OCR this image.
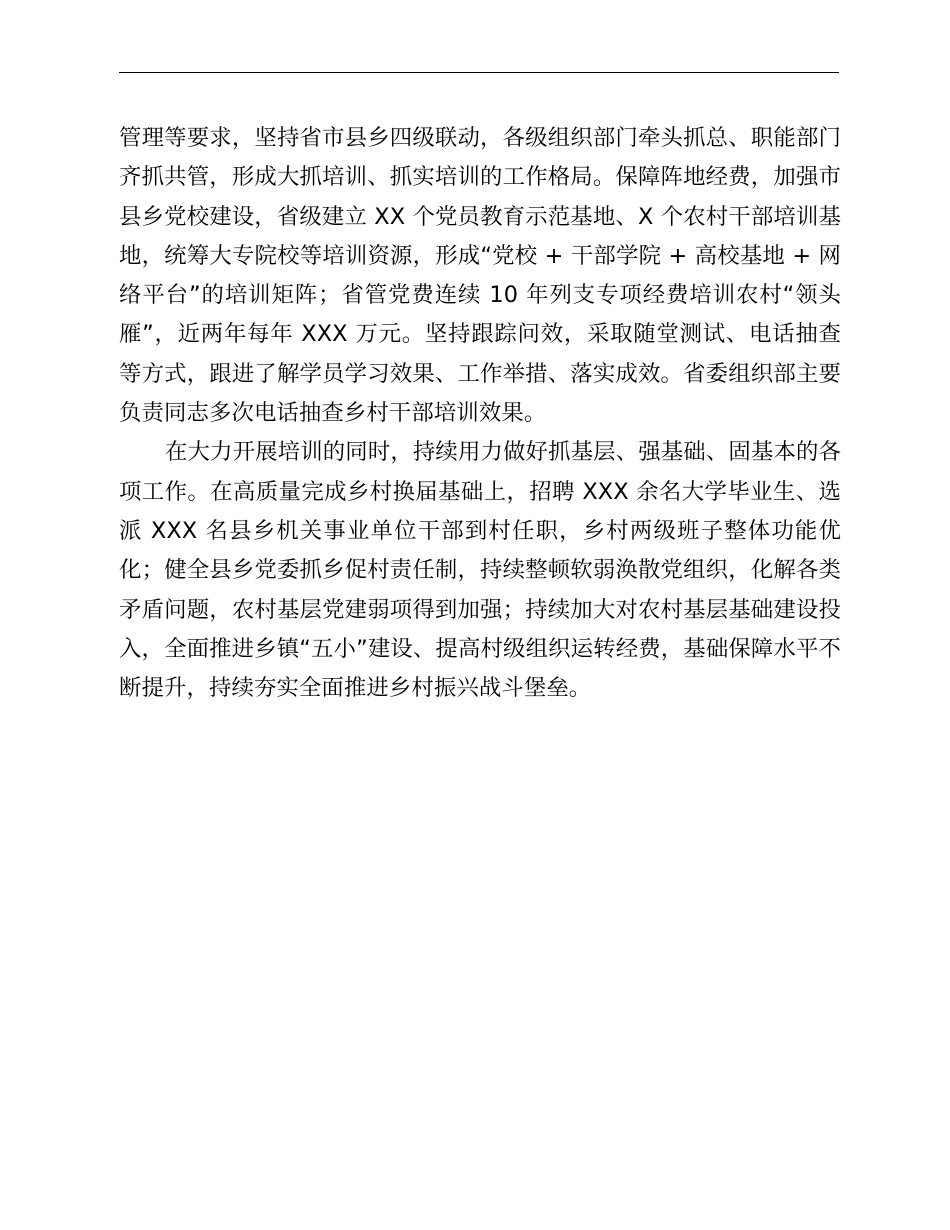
管理等要求，坚持省市县乡四级联动，各级组织部门牵头抓总、职能部门齐抓共管，形成大抓培训、抓实培训的工作格局。保障阵地经费，加强市县乡党校建设，省级建立 XX 个党员教育示范基地、X 个农村干部培训基地，统筹大专院校等培训资源，形成“党校 + 干部学院 + 高校基地 + 网络平台”的培训矩阵；省管党费连续 10 年列支专项经费培训农村“领头雁”，近两年每年 XXX 万元。坚持跟踪问效，采取随堂测试、电话抽查等方式，跟进了解学员学习效果、工作举措、落实成效。省委组织部主要负责同志多次电话抽查乡村干部培训效果。

在大力开展培训的同时，持续用力做好抓基层、强基础、固基本的各项工作。在高质量完成乡村换届基础上，招聘 XXX 余名大学毕业生、选派 XXX 名县乡机关事业单位干部到村任职，乡村两级班子整体功能优化；健全县乡党委抓乡促村责任制，持续整顿软弱涣散党组织，化解各类矛盾问题，农村基层党建弱项得到加强；持续加大对农村基层基础建设投入，全面推进乡镇“五小”建设、提高村级组织运转经费，基础保障水平不断提升，持续夯实全面推进乡村振兴战斗堡垒。
